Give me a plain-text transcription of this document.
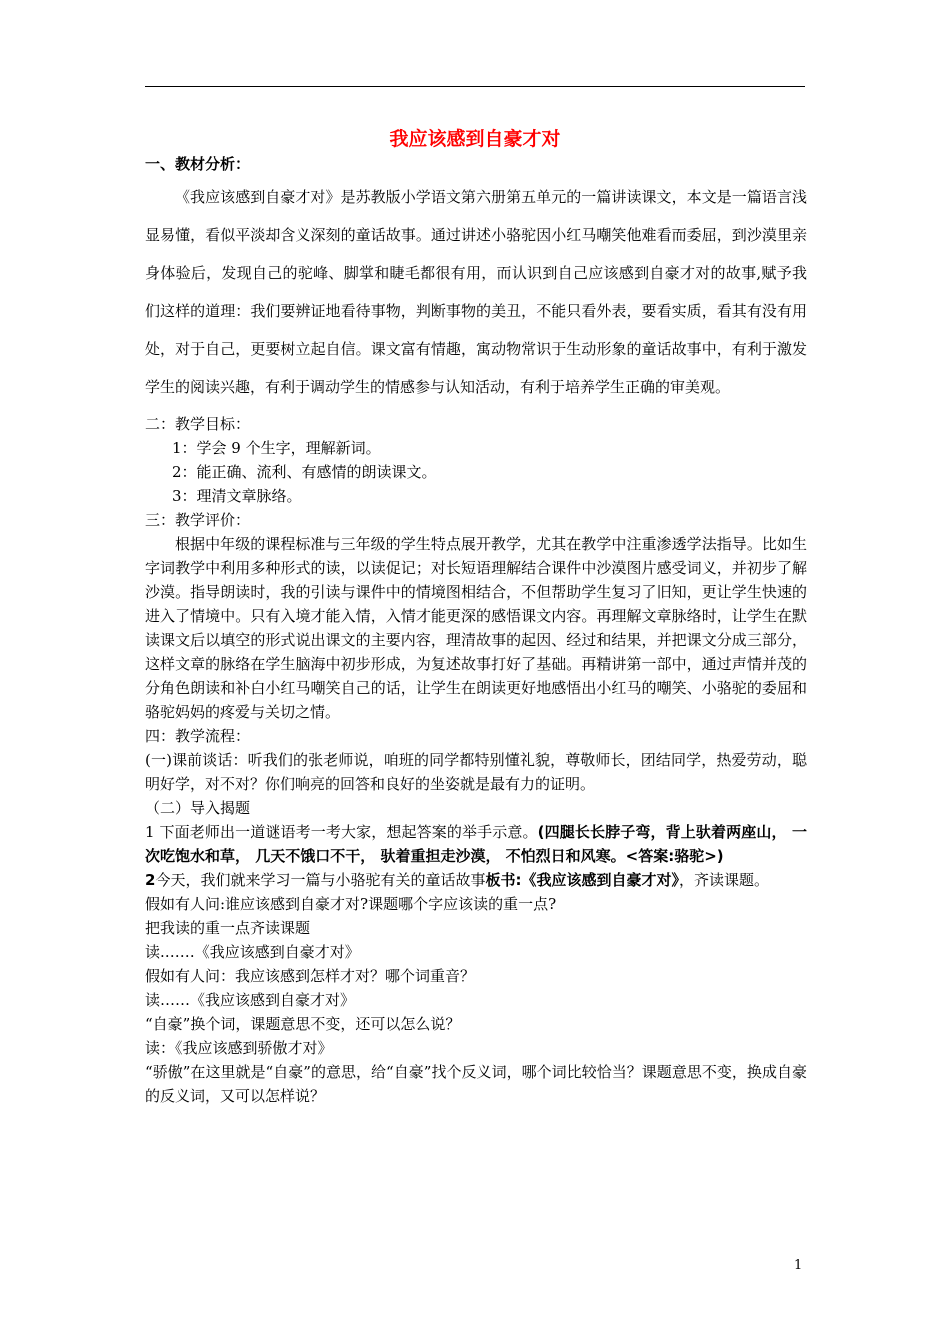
我应该感到自豪才对

一、教材分析：

《我应该感到自豪才对》是苏教版小学语文第六册第五单元的一篇讲读课文，本文是一篇语言浅显易懂，看似平淡却含义深刻的童话故事。通过讲述小骆驼因小红马嘲笑他难看而委屈，到沙漠里亲身体验后，发现自己的驼峰、脚掌和睫毛都很有用，而认识到自己应该感到自豪才对的故事,赋予我们这样的道理：我们要辨证地看待事物，判断事物的美丑，不能只看外表，要看实质，看其有没有用处，对于自己，更要树立起自信。课文富有情趣，寓动物常识于生动形象的童话故事中，有利于激发学生的阅读兴趣，有利于调动学生的情感参与认知活动，有利于培养学生正确的审美观。

二：教学目标：

1：学会 9 个生字，理解新词。

2：能正确、流利、有感情的朗读课文。

3：理清文章脉络。

三：教学评价：

根据中年级的课程标准与三年级的学生特点展开教学，尤其在教学中注重渗透学法指导。比如生字词教学中利用多种形式的读，以读促记；对长短语理解结合课件中沙漠图片感受词义，并初步了解沙漠。指导朗读时，我的引读与课件中的情境图相结合，不但帮助学生复习了旧知，更让学生快速的进入了情境中。只有入境才能入情，入情才能更深的感悟课文内容。再理解文章脉络时，让学生在默读课文后以填空的形式说出课文的主要内容，理清故事的起因、经过和结果，并把课文分成三部分，这样文章的脉络在学生脑海中初步形成，为复述故事打好了基础。再精讲第一部中，通过声情并茂的分角色朗读和补白小红马嘲笑自己的话，让学生在朗读更好地感悟出小红马的嘲笑、小骆驼的委屈和骆驼妈妈的疼爱与关切之情。

四：教学流程：

(一)课前谈话：听我们的张老师说，咱班的同学都特别懂礼貌，尊敬师长，团结同学，热爱劳动，聪明好学，对不对？你们响亮的回答和良好的坐姿就是最有力的证明。

（二）导入揭题

1 下面老师出一道谜语考一考大家，想起答案的举手示意。(四腿长长脖子弯，背上驮着两座山， 一次吃饱水和草， 几天不饿口不干， 驮着重担走沙漠， 不怕烈日和风寒。<答案:骆驼>)

2今天，我们就来学习一篇与小骆驼有关的童话故事板书:《我应该感到自豪才对》，齐读课题。

假如有人问:谁应该感到自豪才对?课题哪个字应该读的重一点?

把我读的重一点齐读课题

读.……《我应该感到自豪才对》

假如有人问：我应该感到怎样才对？哪个词重音？

读……《我应该感到自豪才对》

“自豪”换个词，课题意思不变，还可以怎么说？

读：《我应该感到骄傲才对》

“骄傲”在这里就是“自豪”的意思，给“自豪”找个反义词，哪个词比较恰当？课题意思不变，换成自豪的反义词，又可以怎样说？

1
